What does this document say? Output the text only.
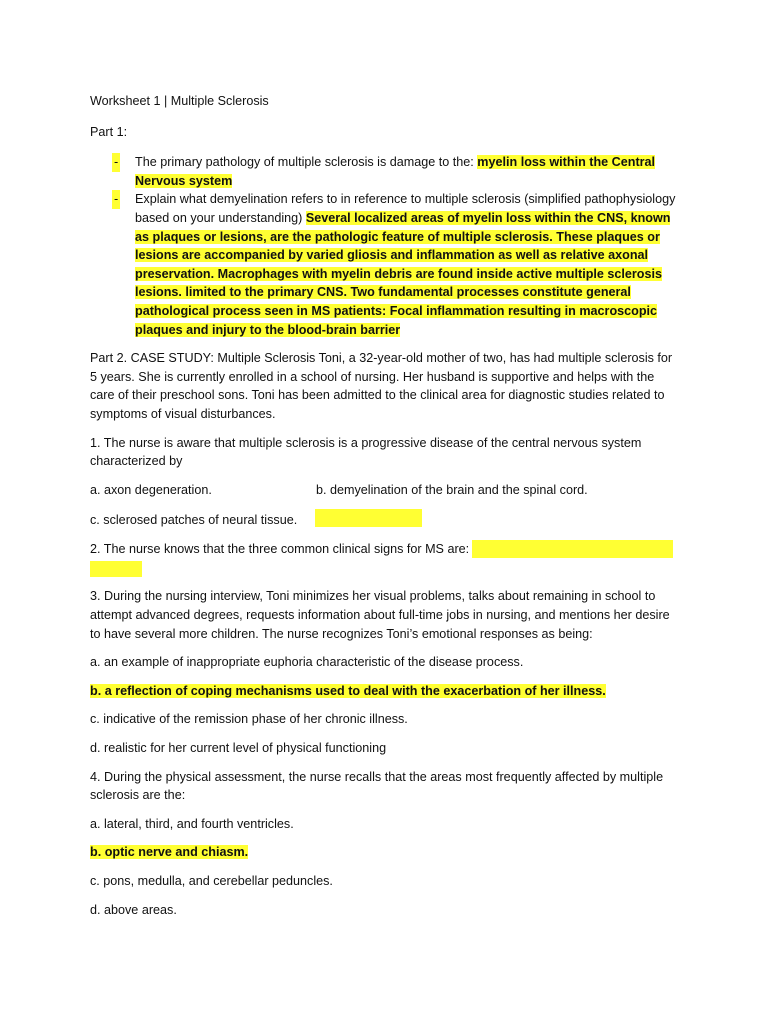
Worksheet 1 | Multiple Sclerosis

Part 1:

- The primary pathology of multiple sclerosis is damage to the: myelin loss within the Central Nervous system
- Explain what demyelination refers to in reference to multiple sclerosis (simplified pathophysiology based on your understanding) Several localized areas of myelin loss within the CNS, known as plaques or lesions, are the pathologic feature of multiple sclerosis. These plaques or lesions are accompanied by varied gliosis and inflammation as well as relative axonal preservation. Macrophages with myelin debris are found inside active multiple sclerosis lesions. limited to the primary CNS. Two fundamental processes constitute general pathological process seen in MS patients: Focal inflammation resulting in macroscopic plaques and injury to the blood-brain barrier

Part 2. CASE STUDY: Multiple Sclerosis Toni, a 32-year-old mother of two, has had multiple sclerosis for 5 years. She is currently enrolled in a school of nursing. Her husband is supportive and helps with the care of their preschool sons. Toni has been admitted to the clinical area for diagnostic studies related to symptoms of visual disturbances.

1. The nurse is aware that multiple sclerosis is a progressive disease of the central nervous system characterized by

a. axon degeneration.	b. demyelination of the brain and the spinal cord.

c. sclerosed patches of neural tissue.

2. The nurse knows that the three common clinical signs for MS are:

3. During the nursing interview, Toni minimizes her visual problems, talks about remaining in school to attempt advanced degrees, requests information about full-time jobs in nursing, and mentions her desire to have several more children. The nurse recognizes Toni’s emotional responses as being:

a. an example of inappropriate euphoria characteristic of the disease process.

b. a reflection of coping mechanisms used to deal with the exacerbation of her illness.

c. indicative of the remission phase of her chronic illness.

d. realistic for her current level of physical functioning

4. During the physical assessment, the nurse recalls that the areas most frequently affected by multiple sclerosis are the:

a. lateral, third, and fourth ventricles.

b. optic nerve and chiasm.

c. pons, medulla, and cerebellar peduncles.

d. above areas.
